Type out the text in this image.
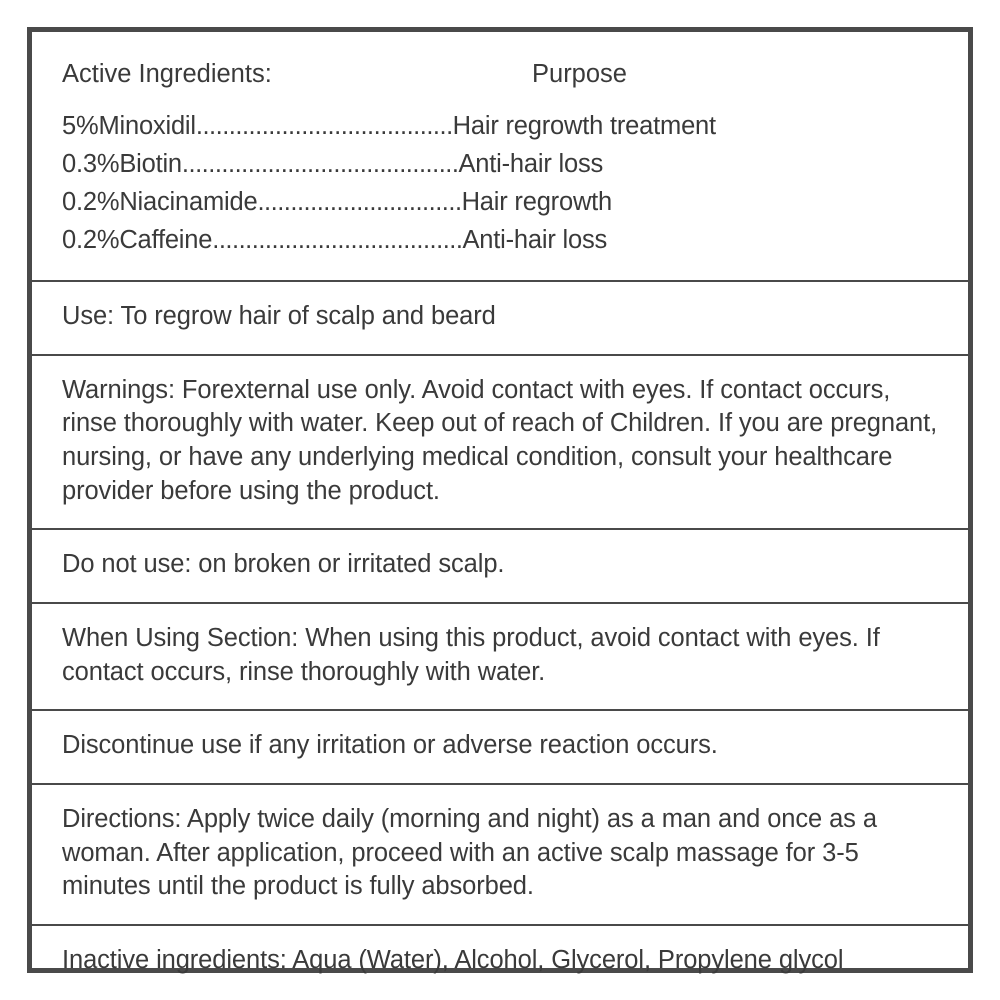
Active Ingredients:	Purpose
5%Minoxidil.......................................Hair regrowth treatment
0.3%Biotin..........................................Anti-hair loss
0.2%Niacinamide...............................Hair regrowth
0.2%Caffeine......................................Anti-hair loss

Use: To regrow hair of scalp and beard

Warnings: Forexternal use only. Avoid contact with eyes. If contact occurs, rinse thoroughly with water. Keep out of reach of Children. If you are pregnant, nursing, or have any underlying medical condition, consult your healthcare provider before using the product.

Do not use: on broken or irritated scalp.

When Using Section: When using this product, avoid contact with eyes. If contact occurs, rinse thoroughly with water.

Discontinue use if any irritation or adverse reaction occurs.

Directions: Apply twice daily (morning and night) as a man and once as a woman. After application, proceed with an active scalp massage for 3-5 minutes until the product is fully absorbed.

Inactive ingredients: Aqua (Water), Alcohol, Glycerol, Propylene glycol
